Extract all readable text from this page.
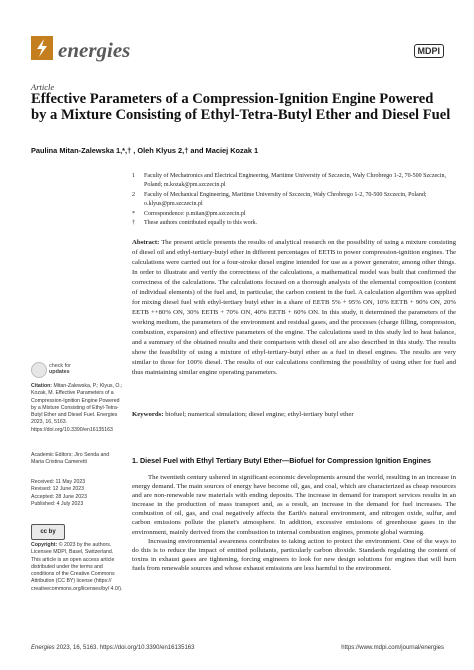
energies	MDPI
Article
Effective Parameters of a Compression-Ignition Engine Powered by a Mixture Consisting of Ethyl-Tetra-Butyl Ether and Diesel Fuel
Paulina Mitan-Zalewska 1,*,† , Oleh Klyus 2,† and Maciej Kozak 1
1	Faculty of Mechatronics and Electrical Engineering, Maritime University of Szczecin, Wały Chrobrego 1-2, 70-500 Szczecin, Poland; m.kozak@pm.szczecin.pl
2	Faculty of Mechanical Engineering, Maritime University of Szczecin, Wały Chrobrego 1-2, 70-500 Szczecin, Poland; o.klyus@pm.szczecin.pl
*	Correspondence: p.mitan@pm.szczecin.pl
†	These authors contributed equally to this work.
Abstract: The present article presents the results of analytical research on the possibility of using a mixture consisting of diesel oil and ethyl-tertiary-butyl ether in different percentages of EETB to power compression-ignition engines. The calculations were carried out for a four-stroke diesel engine intended for use as a power generator, among other things. In order to illustrate and verify the correctness of the calculations, a mathematical model was built that confirmed the correctness of the calculations. The calculations focused on a thorough analysis of the elemental composition (content of individual elements) of the fuel and, in particular, the carbon content in the fuel. A calculation algorithm was applied for mixing diesel fuel with ethyl-tertiary butyl ether in a share of EETB 5% + 95% ON, 10% EETB + 90% ON, 20% EETB ++80% ON, 30% EETB + 70% ON, 40% EETB + 60% ON. In this study, it determined the parameters of the working medium, the parameters of the environment and residual gases, and the processes (charge filling, compression, combustion, expansion) and effective parameters of the engine. The calculations used in this study led to heat balance, and a summary of the obtained results and their comparison with diesel oil are also described in this study. The results show the feasibility of using a mixture of ethyl-tertiary-butyl ether as a fuel in diesel engines. The results are very similar to those for 100% diesel. The results of our calculations confirming the possibility of using ether for fuel and thus maintaining similar engine operating parameters.
Keywords: biofuel; numerical simulation; diesel engine; ethyl-tertiary butyl ether
check for
updates
Citation: Mitan-Zalewska, P.; Klyus, O.; Kozak, M. Effective Parameters of a Compression-Ignition Engine Powered by a Mixture Consisting of Ethyl-Tetra-Butyl Ether and Diesel Fuel. Energies 2023, 16, 5163. https://doi.org/10.3390/en16135163
Academic Editors: Jiro Senda and Maria Cristina Cameretti
Received: 11 May 2023
Revised: 12 June 2023
Accepted: 28 June 2023
Published: 4 July 2023
cc by
Copyright: © 2023 by the authors. Licensee MDPI, Basel, Switzerland. This article is an open access article distributed under the terms and conditions of the Creative Commons Attribution (CC BY) license (https:// creativecommons.org/licenses/by/ 4.0/).
1. Diesel Fuel with Ethyl Tertiary Butyl Ether—Biofuel for Compression Ignition Engines

The twentieth century ushered in significant economic developments around the world, resulting in an increase in energy demand. The main sources of energy have become oil, gas, and coal, which are characterized as cheap resources and are non-renewable raw materials with ending deposits. The increase in demand for transport services results in an increase in the production of mass transport and, as a result, an increase in the demand for fuel increases. The combustion of oil, gas, and coal negatively affects the Earth's natural environment, and nitrogen oxide, sulfur, and carbon emissions pollute the planet's atmosphere. In addition, excessive emissions of greenhouse gases in the environment, mainly derived from the combustion in internal combustion engines, promote global warming.

Increasing environmental awareness contributes to taking action to protect the environment. One of the ways to do this is to reduce the impact of emitted pollutants, particularly carbon dioxide. Standards regulating the content of toxins in exhaust gases are tightening, forcing engineers to look for new design solutions for engines that will burn fuels from renewable sources and whose exhaust emissions are less harmful to the environment.

Energies 2023, 16, 5163. https://doi.org/10.3390/en16135163	https://www.mdpi.com/journal/energies
